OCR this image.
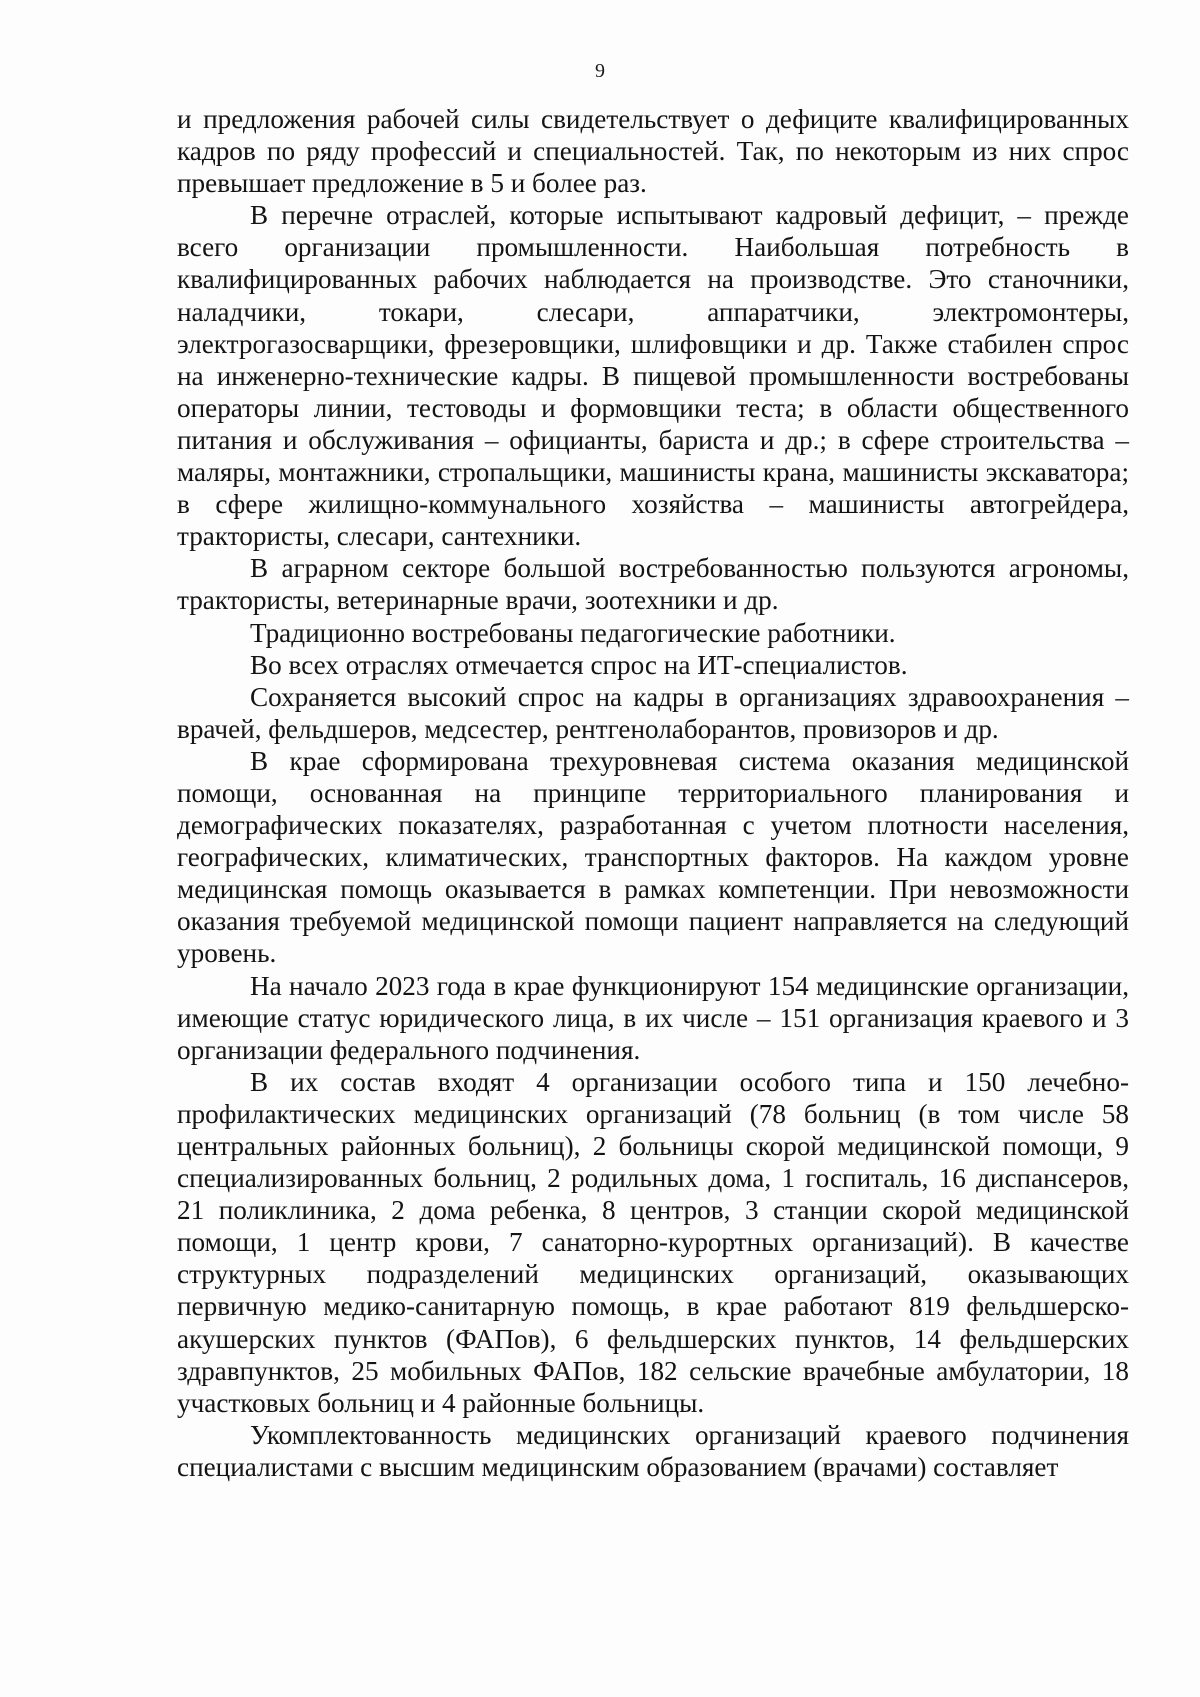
9

и предложения рабочей силы свидетельствует о дефиците квалифицированных кадров по ряду профессий и специальностей. Так, по некоторым из них спрос превышает предложение в 5 и более раз.

В перечне отраслей, которые испытывают кадровый дефицит, – прежде всего организации промышленности. Наибольшая потребность в квалифицированных рабочих наблюдается на производстве. Это станочники, наладчики, токари, слесари, аппаратчики, электромонтеры, электрогазосварщики, фрезеровщики, шлифовщики и др. Также стабилен спрос на инженерно-технические кадры. В пищевой промышленности востребованы операторы линии, тестоводы и формовщики теста; в области общественного питания и обслуживания – официанты, бариста и др.; в сфере строительства – маляры, монтажники, стропальщики, машинисты крана, машинисты экскаватора; в сфере жилищно-коммунального хозяйства – машинисты автогрейдера, трактористы, слесари, сантехники.

В аграрном секторе большой востребованностью пользуются агрономы, трактористы, ветеринарные врачи, зоотехники и др.

Традиционно востребованы педагогические работники.

Во всех отраслях отмечается спрос на ИТ-специалистов.

Сохраняется высокий спрос на кадры в организациях здравоохранения – врачей, фельдшеров, медсестер, рентгенолаборантов, провизоров и др.

В крае сформирована трехуровневая система оказания медицинской помощи, основанная на принципе территориального планирования и демографических показателях, разработанная с учетом плотности населения, географических, климатических, транспортных факторов. На каждом уровне медицинская помощь оказывается в рамках компетенции. При невозможности оказания требуемой медицинской помощи пациент направляется на следующий уровень.

На начало 2023 года в крае функционируют 154 медицинские организации, имеющие статус юридического лица, в их числе – 151 организация краевого и 3 организации федерального подчинения.

В их состав входят 4 организации особого типа и 150 лечебно-профилактических медицинских организаций (78 больниц (в том числе 58 центральных районных больниц), 2 больницы скорой медицинской помощи, 9 специализированных больниц, 2 родильных дома, 1 госпиталь, 16 диспансеров, 21 поликлиника, 2 дома ребенка, 8 центров, 3 станции скорой медицинской помощи, 1 центр крови, 7 санаторно-курортных организаций). В качестве структурных подразделений медицинских организаций, оказывающих первичную медико-санитарную помощь, в крае работают 819 фельдшерско-акушерских пунктов (ФАПов), 6 фельдшерских пунктов, 14 фельдшерских здравпунктов, 25 мобильных ФАПов, 182 сельские врачебные амбулатории, 18 участковых больниц и 4 районные больницы.

Укомплектованность медицинских организаций краевого подчинения специалистами с высшим медицинским образованием (врачами) составляет
